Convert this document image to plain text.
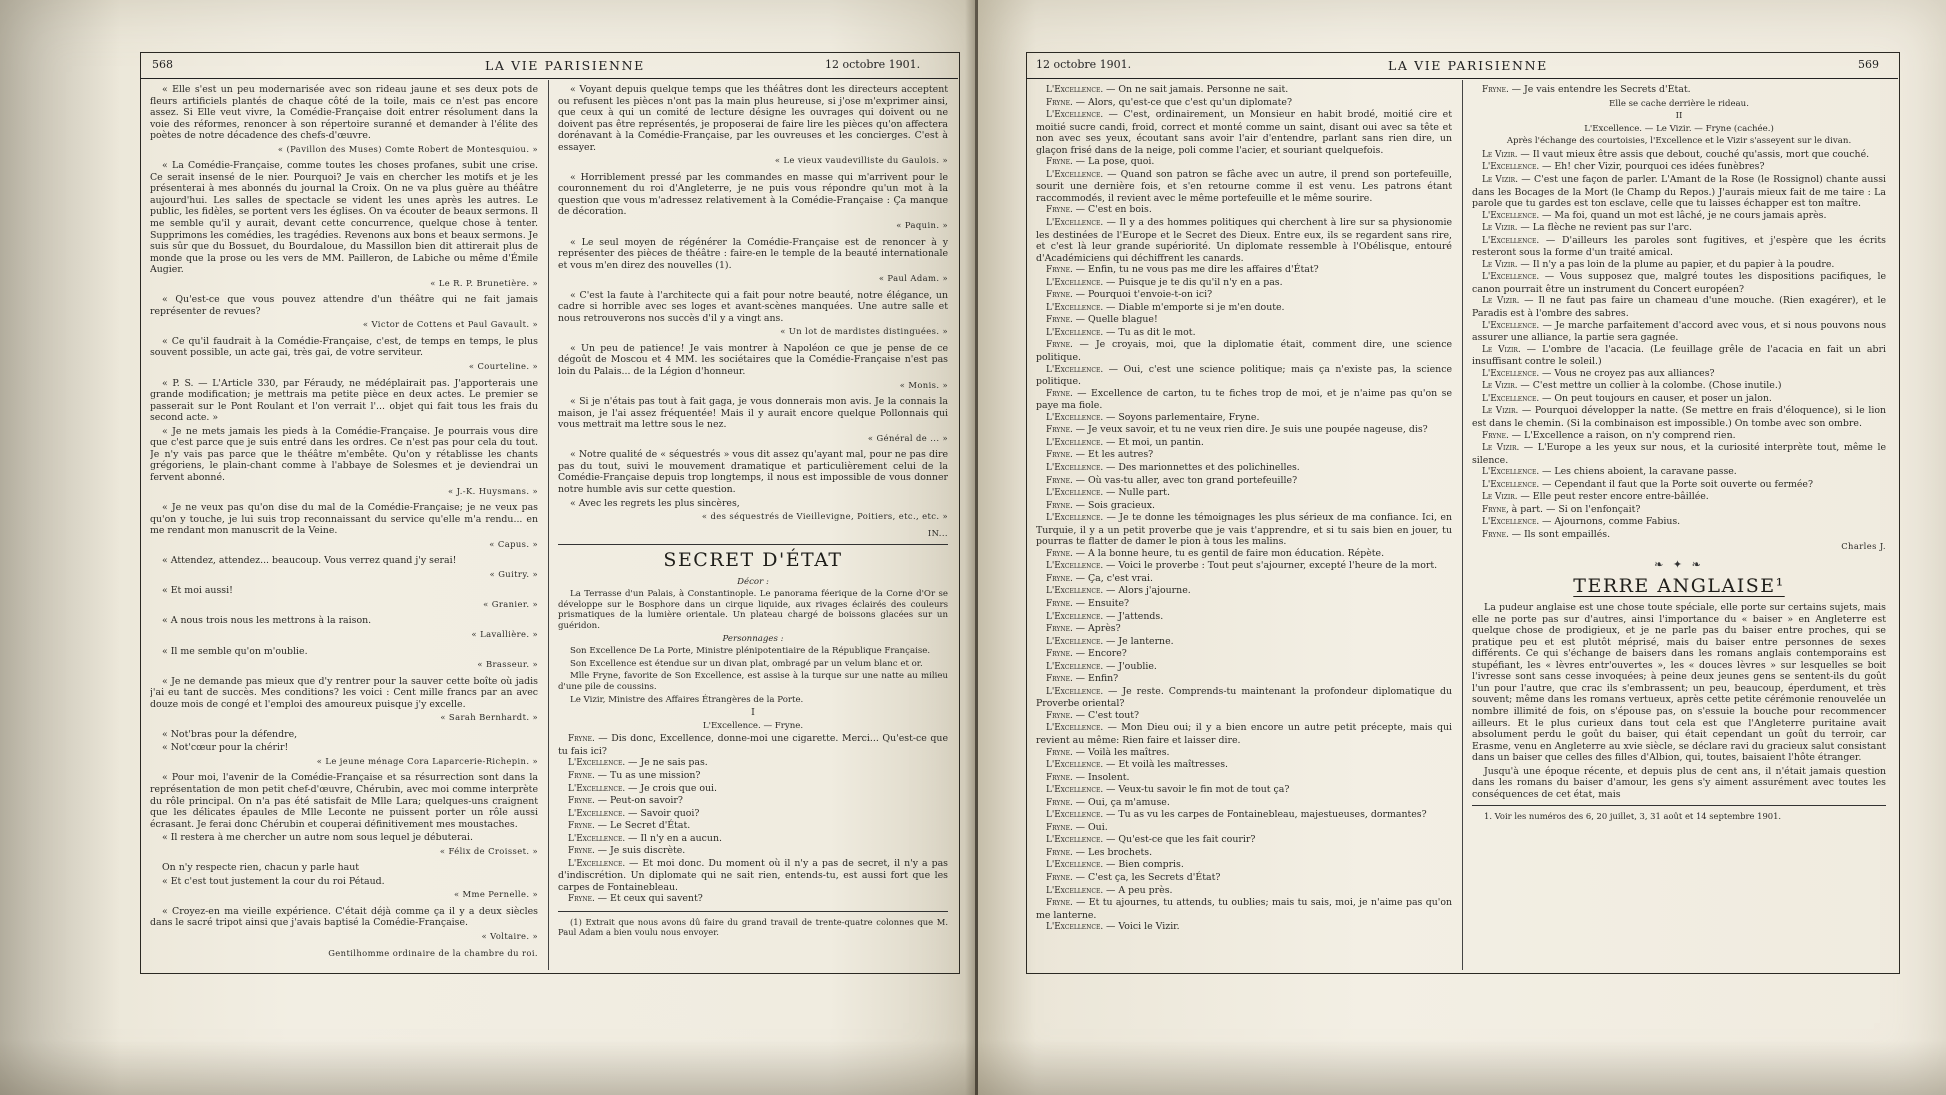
568	LA VIE PARISIENNE	12 octobre 1901.

« Elle s'est un peu modernarisée avec son rideau jaune et ses deux pots de fleurs artificiels plantés de chaque côté de la toile, mais ce n'est pas encore assez. Si Elle veut vivre, la Comédie-Française doit entrer résolument dans la voie des réformes, renoncer à son répertoire suranné et demander à l'élite des poètes de notre décadence des chefs-d'œuvre.

« (Pavillon des Muses) Comte Robert de Montesquiou. »

« La Comédie-Française, comme toutes les choses profanes, subit une crise. Ce serait insensé de le nier. Pourquoi? Je vais en chercher les motifs et je les présenterai à mes abonnés du journal la Croix. On ne va plus guère au théâtre aujourd'hui. Les salles de spectacle se vident les unes après les autres. Le public, les fidèles, se portent vers les églises. On va écouter de beaux sermons. Il me semble qu'il y aurait, devant cette concurrence, quelque chose à tenter. Supprimons les comédies, les tragédies. Revenons aux bons et beaux sermons. Je suis sûr que du Bossuet, du Bourdaloue, du Massillon bien dit attirerait plus de monde que la prose ou les vers de MM. Pailleron, de Labiche ou même d'Émile Augier.

« Le R. P. Brunetière. »

« Qu'est-ce que vous pouvez attendre d'un théâtre qui ne fait jamais représenter de revues?

« Victor de Cottens et Paul Gavault. »

« Ce qu'il faudrait à la Comédie-Française, c'est, de temps en temps, le plus souvent possible, un acte gai, très gai, de votre serviteur.

« Courteline. »

« P. S. — L'Article 330, par Féraudy, ne médéplairait pas. J'apporterais une grande modification; je mettrais ma petite pièce en deux actes. Le premier se passerait sur le Pont Roulant et l'on verrait l'... objet qui fait tous les frais du second acte. »

« Je ne mets jamais les pieds à la Comédie-Française. Je pourrais vous dire que c'est parce que je suis entré dans les ordres. Ce n'est pas pour cela du tout. Je n'y vais pas parce que le théâtre m'embête. Qu'on y rétablisse les chants grégoriens, le plain-chant comme à l'abbaye de Solesmes et je deviendrai un fervent abonné.

« J.-K. Huysmans. »

« Je ne veux pas qu'on dise du mal de la Comédie-Française; je ne veux pas qu'on y touche, je lui suis trop reconnaissant du service qu'elle m'a rendu... en me rendant mon manuscrit de la Veine.

« Capus. »

« Attendez, attendez... beaucoup. Vous verrez quand j'y serai!

« Guitry. »

« Et moi aussi!

« Granier. »

« A nous trois nous les mettrons à la raison.

« Lavallière. »

« Il me semble qu'on m'oublie.

« Brasseur. »

« Je ne demande pas mieux que d'y rentrer pour la sauver cette boîte où jadis j'ai eu tant de succès. Mes conditions? les voici : Cent mille francs par an avec douze mois de congé et l'emploi des amoureux puisque j'y excelle.

« Sarah Bernhardt. »

« Not'bras pour la défendre,

« Not'cœur pour la chérir!

« Le jeune ménage Cora Laparcerie-Richepin. »

« Pour moi, l'avenir de la Comédie-Française et sa résurrection sont dans la représentation de mon petit chef-d'œuvre, Chérubin, avec moi comme interprète du rôle principal. On n'a pas été satisfait de Mlle Lara; quelques-uns craignent que les délicates épaules de Mlle Leconte ne puissent porter un rôle aussi écrasant. Je ferai donc Chérubin et couperai définitivement mes moustaches.

« Il restera à me chercher un autre nom sous lequel je débuterai.

« Félix de Croisset. »

On n'y respecte rien, chacun y parle haut

« Et c'est tout justement la cour du roi Pétaud.

« Mme Pernelle. »

« Croyez-en ma vieille expérience. C'était déjà comme ça il y a deux siècles dans le sacré tripot ainsi que j'avais baptisé la Comédie-Française.

« Voltaire. »

Gentilhomme ordinaire de la chambre du roi.

« Voyant depuis quelque temps que les théâtres dont les directeurs acceptent ou refusent les pièces n'ont pas la main plus heureuse, si j'ose m'exprimer ainsi, que ceux à qui un comité de lecture désigne les ouvrages qui doivent ou ne doivent pas être représentés, je proposerai de faire lire les pièces qu'on affectera dorénavant à la Comédie-Française, par les ouvreuses et les concierges. C'est à essayer.

« Le vieux vaudevilliste du Gaulois. »

« Horriblement pressé par les commandes en masse qui m'arrivent pour le couronnement du roi d'Angleterre, je ne puis vous répondre qu'un mot à la question que vous m'adressez relativement à la Comédie-Française : Ça manque de décoration.

« Paquin. »

« Le seul moyen de régénérer la Comédie-Française est de renoncer à y représenter des pièces de théâtre : faire-en le temple de la beauté internationale et vous m'en direz des nouvelles (1).

« Paul Adam. »

« C'est la faute à l'architecte qui a fait pour notre beauté, notre élégance, un cadre si horrible avec ses loges et avant-scènes manquées. Une autre salle et nous retrouverons nos succès d'il y a vingt ans.

« Un lot de mardistes distinguées. »

« Un peu de patience! Je vais montrer à Napoléon ce que je pense de ce dégoût de Moscou et 4 MM. les sociétaires que la Comédie-Française n'est pas loin du Palais... de la Légion d'honneur.

« Monis. »

« Si je n'étais pas tout à fait gaga, je vous donnerais mon avis. Je la connais la maison, je l'ai assez fréquentée! Mais il y aurait encore quelque Pollonnais qui vous mettrait ma lettre sous le nez.

« Général de ... »

« Notre qualité de « séquestrés » vous dit assez qu'ayant mal, pour ne pas dire pas du tout, suivi le mouvement dramatique et particulièrement celui de la Comédie-Française depuis trop longtemps, il nous est impossible de vous donner notre humble avis sur cette question.

« Avec les regrets les plus sincères,

« des séquestrés de Vieillevigne, Poitiers, etc., etc. »

IN...

SECRET D'ÉTAT

Décor :

La Terrasse d'un Palais, à Constantinople. Le panorama féerique de la Corne d'Or se développe sur le Bosphore dans un cirque liquide, aux rivages éclairés des couleurs prismatiques de la lumière orientale. Un plateau chargé de boissons glacées sur un guéridon.

Personnages :

Son Excellence De La Porte, Ministre plénipotentiaire de la République Française.

Son Excellence est étendue sur un divan plat, ombragé par un velum blanc et or.

Mlle Fryne, favorite de Son Excellence, est assise à la turque sur une natte au milieu d'une pile de coussins.

Le Vizir, Ministre des Affaires Étrangères de la Porte.

I

L'Excellence. — Fryne.

Fryne. — Dis donc, Excellence, donne-moi une cigarette. Merci... Qu'est-ce que tu fais ici?

L'Excellence. — Je ne sais pas.

Fryne. — Tu as une mission?

L'Excellence. — Je crois que oui.

Fryne. — Peut-on savoir?

L'Excellence. — Savoir quoi?

Fryne. — Le Secret d'État.

L'Excellence. — Il n'y en a aucun.

Fryne. — Je suis discrète.

L'Excellence. — Et moi donc. Du moment où il n'y a pas de secret, il n'y a pas d'indiscrétion. Un diplomate qui ne sait rien, entends-tu, est aussi fort que les carpes de Fontainebleau.

Fryne. — Et ceux qui savent?

(1) Extrait que nous avons dû faire du grand travail de trente-quatre colonnes que M. Paul Adam a bien voulu nous envoyer.

12 octobre 1901.	LA VIE PARISIENNE	569

L'Excellence. — On ne sait jamais. Personne ne sait.

Fryne. — Alors, qu'est-ce que c'est qu'un diplomate?

L'Excellence. — C'est, ordinairement, un Monsieur en habit brodé, moitié cire et moitié sucre candi, froid, correct et monté comme un saint, disant oui avec sa tête et non avec ses yeux, écoutant sans avoir l'air d'entendre, parlant sans rien dire, un glaçon frisé dans de la neige, poli comme l'acier, et souriant quelquefois.

Fryne. — La pose, quoi.

L'Excellence. — Quand son patron se fâche avec un autre, il prend son portefeuille, sourit une dernière fois, et s'en retourne comme il est venu. Les patrons étant raccommodés, il revient avec le même portefeuille et le même sourire.

Fryne. — C'est en bois.

L'Excellence. — Il y a des hommes politiques qui cherchent à lire sur sa physionomie les destinées de l'Europe et le Secret des Dieux. Entre eux, ils se regardent sans rire, et c'est là leur grande supériorité. Un diplomate ressemble à l'Obélisque, entouré d'Académiciens qui déchiffrent les canards.

Fryne. — Enfin, tu ne vous pas me dire les affaires d'État?

L'Excellence. — Puisque je te dis qu'il n'y en a pas.

Fryne. — Pourquoi t'envoie-t-on ici?

L'Excellence. — Diable m'emporte si je m'en doute.

Fryne. — Quelle blague!

L'Excellence. — Tu as dit le mot.

Fryne. — Je croyais, moi, que la diplomatie était, comment dire, une science politique.

L'Excellence. — Oui, c'est une science politique; mais ça n'existe pas, la science politique.

Fryne. — Excellence de carton, tu te fiches trop de moi, et je n'aime pas qu'on se paye ma fiole.

L'Excellence. — Soyons parlementaire, Fryne.

Fryne. — Je veux savoir, et tu ne veux rien dire. Je suis une poupée nageuse, dis?

L'Excellence. — Et moi, un pantin.

Fryne. — Et les autres?

L'Excellence. — Des marionnettes et des polichinelles.

Fryne. — Où vas-tu aller, avec ton grand portefeuille?

L'Excellence. — Nulle part.

Fryne. — Sois gracieux.

L'Excellence. — Je te donne les témoignages les plus sérieux de ma confiance. Ici, en Turquie, il y a un petit proverbe que je vais t'apprendre, et si tu sais bien en jouer, tu pourras te flatter de damer le pion à tous les malins.

Fryne. — A la bonne heure, tu es gentil de faire mon éducation. Répète.

L'Excellence. — Voici le proverbe : Tout peut s'ajourner, excepté l'heure de la mort.

Fryne. — Ça, c'est vrai.

L'Excellence. — Alors j'ajourne.

Fryne. — Ensuite?

L'Excellence. — J'attends.

Fryne. — Après?

L'Excellence. — Je lanterne.

Fryne. — Encore?

L'Excellence. — J'oublie.

Fryne. — Enfin?

L'Excellence. — Je reste. Comprends-tu maintenant la profondeur diplomatique du Proverbe oriental?

Fryne. — C'est tout?

L'Excellence. — Mon Dieu oui; il y a bien encore un autre petit précepte, mais qui revient au même: Rien faire et laisser dire.

Fryne. — Voilà les maîtres.

L'Excellence. — Et voilà les maîtresses.

Fryne. — Insolent.

L'Excellence. — Veux-tu savoir le fin mot de tout ça?

Fryne. — Oui, ça m'amuse.

L'Excellence. — Tu as vu les carpes de Fontainebleau, majestueuses, dormantes?

Fryne. — Oui.

L'Excellence. — Qu'est-ce que les fait courir?

Fryne. — Les brochets.

L'Excellence. — Bien compris.

Fryne. — C'est ça, les Secrets d'État?

L'Excellence. — A peu près.

Fryne. — Et tu ajournes, tu attends, tu oublies; mais tu sais, moi, je n'aime pas qu'on me lanterne.

L'Excellence. — Voici le Vizir.

Fryne. — Je vais entendre les Secrets d'État.

Elle se cache derrière le rideau.

II

L'Excellence. — Le Vizir. — Fryne (cachée.)

Après l'échange des courtoisies, l'Excellence et le Vizir s'asseyent sur le divan.

Le Vizir. — Il vaut mieux être assis que debout, couché qu'assis, mort que couché.

L'Excellence. — Eh! cher Vizir, pourquoi ces idées funèbres?

Le Vizir. — C'est une façon de parler. L'Amant de la Rose (le Rossignol) chante aussi dans les Bocages de la Mort (le Champ du Repos.) J'aurais mieux fait de me taire : La parole que tu gardes est ton esclave, celle que tu laisses échapper est ton maître.

L'Excellence. — Ma foi, quand un mot est lâché, je ne cours jamais après.

Le Vizir. — La flèche ne revient pas sur l'arc.

L'Excellence. — D'ailleurs les paroles sont fugitives, et j'espère que les écrits resteront sous la forme d'un traité amical.

Le Vizir. — Il n'y a pas loin de la plume au papier, et du papier à la poudre.

L'Excellence. — Vous supposez que, malgré toutes les dispositions pacifiques, le canon pourrait être un instrument du Concert européen?

Le Vizir. — Il ne faut pas faire un chameau d'une mouche. (Rien exagérer), et le Paradis est à l'ombre des sabres.

L'Excellence. — Je marche parfaitement d'accord avec vous, et si nous pouvons nous assurer une alliance, la partie sera gagnée.

Le Vizir. — L'ombre de l'acacia. (Le feuillage grêle de l'acacia en fait un abri insuffisant contre le soleil.)

L'Excellence. — Vous ne croyez pas aux alliances?

Le Vizir. — C'est mettre un collier à la colombe. (Chose inutile.)

L'Excellence. — On peut toujours en causer, et poser un jalon.

Le Vizir. — Pourquoi développer la natte. (Se mettre en frais d'éloquence), si le lion est dans le chemin. (Si la combinaison est impossible.) On tombe avec son ombre.

Fryne. — L'Excellence a raison, on n'y comprend rien.

Le Vizir. — L'Europe a les yeux sur nous, et la curiosité interprète tout, même le silence.

L'Excellence. — Les chiens aboient, la caravane passe.

L'Excellence. — Cependant il faut que la Porte soit ouverte ou fermée?

Le Vizir. — Elle peut rester encore entre-bâillée.

Fryne, à part. — Si on l'enfonçait?

L'Excellence. — Ajournons, comme Fabius.

Fryne. — Ils sont empaillés.

Charles J.

❧ ✦ ❧
TERRE ANGLAISE¹

La pudeur anglaise est une chose toute spéciale, elle porte sur certains sujets, mais elle ne porte pas sur d'autres, ainsi l'importance du « baiser » en Angleterre est quelque chose de prodigieux, et je ne parle pas du baiser entre proches, qui se pratique peu et est plutôt méprisé, mais du baiser entre personnes de sexes différents. Ce qui s'échange de baisers dans les romans anglais contemporains est stupéfiant, les « lèvres entr'ouvertes », les « douces lèvres » sur lesquelles se boit l'ivresse sont sans cesse invoquées; à peine deux jeunes gens se sentent-ils du goût l'un pour l'autre, que crac ils s'embrassent; un peu, beaucoup, éperdument, et très souvent; même dans les romans vertueux, après cette petite cérémonie renouvelée un nombre illimité de fois, on s'épouse pas, on s'essuie la bouche pour recommencer ailleurs. Et le plus curieux dans tout cela est que l'Angleterre puritaine avait absolument perdu le goût du baiser, qui était cependant un goût du terroir, car Erasme, venu en Angleterre au xvie siècle, se déclare ravi du gracieux salut consistant dans un baiser que celles des filles d'Albion, qui, toutes, baisaient l'hôte étranger.

Jusqu'à une époque récente, et depuis plus de cent ans, il n'était jamais question dans les romans du baiser d'amour, les gens s'y aiment assurément avec toutes les conséquences de cet état, mais

1. Voir les numéros des 6, 20 juillet, 3, 31 août et 14 septembre 1901.
